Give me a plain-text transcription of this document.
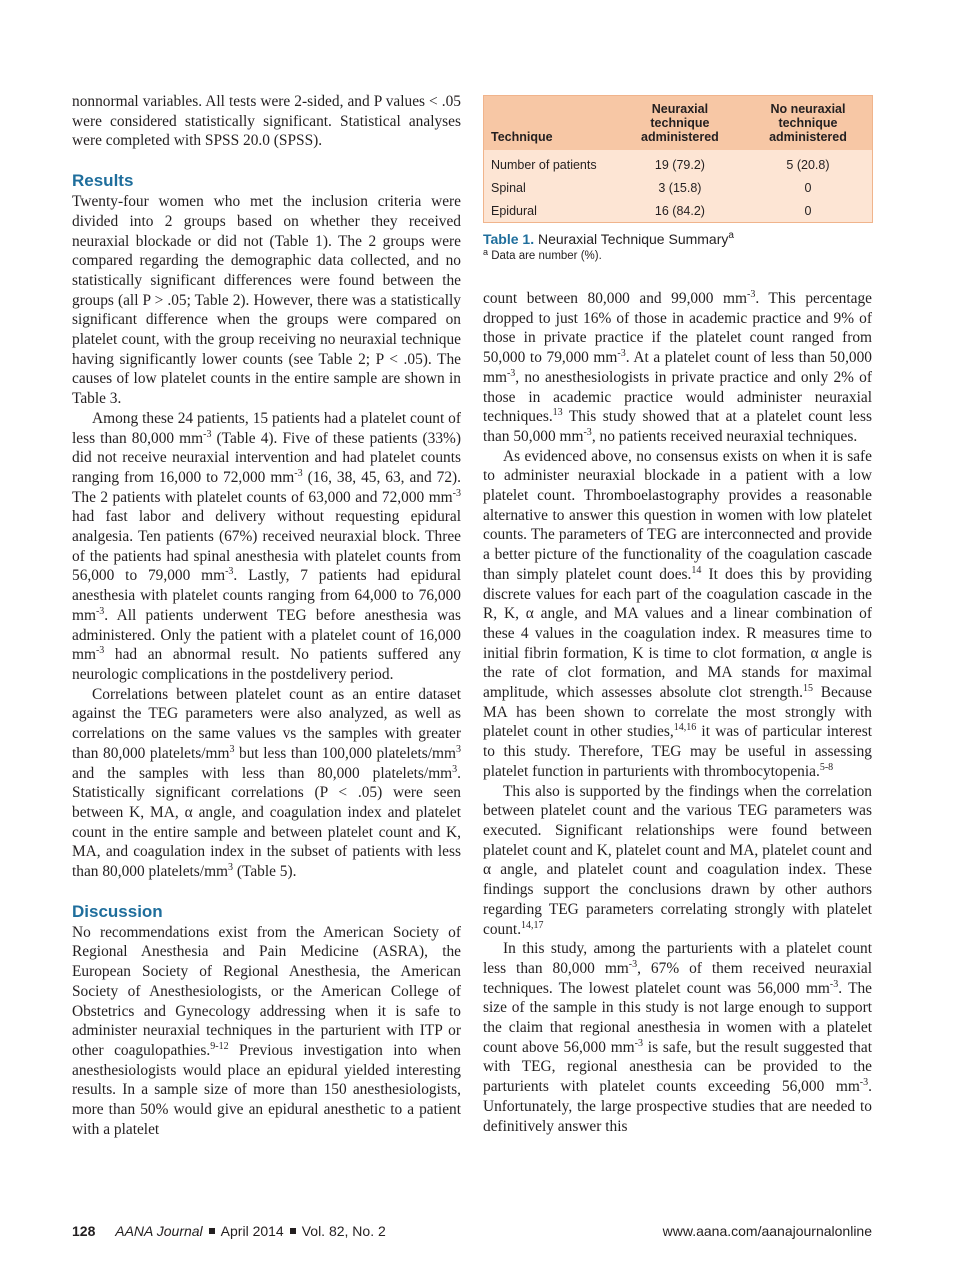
nonnormal variables. All tests were 2-sided, and P values < .05 were considered statistically significant. Statistical analyses were completed with SPSS 20.0 (SPSS).

Results

Twenty-four women who met the inclusion criteria were divided into 2 groups based on whether they received neuraxial blockade or did not (Table 1). The 2 groups were compared regarding the demographic data collected, and no statistically significant differences were found between the groups (all P > .05; Table 2). However, there was a statistically significant difference when the groups were compared on platelet count, with the group receiving no neuraxial technique having significantly lower counts (see Table 2; P < .05). The causes of low platelet counts in the entire sample are shown in Table 3.

Among these 24 patients, 15 patients had a platelet count of less than 80,000 $mm^{-3}$ (Table 4). Five of these patients (33%) did not receive neuraxial intervention and had platelet counts ranging from 16,000 to 72,000 $mm^{-3}$ (16, 38, 45, 63, and 72). The 2 patients with platelet counts of 63,000 and 72,000 $mm^{-3}$ had fast labor and delivery without requesting epidural analgesia. Ten patients (67%) received neuraxial block. Three of the patients had spinal anesthesia with platelet counts from 56,000 to 79,000 $mm^{-3}$. Lastly, 7 patients had epidural anesthesia with platelet counts ranging from 64,000 to 76,000 $mm^{-3}$. All patients underwent TEG before anesthesia was administered. Only the patient with a platelet count of 16,000 $mm^{-3}$ had an abnormal result. No patients suffered any neurologic complications in the postdelivery period.

Correlations between platelet count as an entire dataset against the TEG parameters were also analyzed, as well as correlations on the same values vs the samples with greater than 80,000 platelets/$mm^3$ but less than 100,000 platelets/$mm^3$ and the samples with less than 80,000 platelets/$mm^3$. Statistically significant correlations (P < .05) were seen between K, MA, α angle, and coagulation index and platelet count in the entire sample and between platelet count and K, MA, and coagulation index in the subset of patients with less than 80,000 platelets/$mm^3$ (Table 5).

Discussion

No recommendations exist from the American Society of Regional Anesthesia and Pain Medicine (ASRA), the European Society of Regional Anesthesia, the American Society of Anesthesiologists, or the American College of Obstetrics and Gynecology addressing when it is safe to administer neuraxial techniques in the parturient with ITP or other coagulopathies.$^{9-12}$ Previous investigation into when anesthesiologists would place an epidural yielded interesting results. In a sample size of more than 150 anesthesiologists, more than 50% would give an epidural anesthetic to a patient with a platelet

Technique	Neuraxial technique administered	No neuraxial technique administered
Number of patients	19 (79.2)	5 (20.8)
Spinal	3 (15.8)	0
Epidural	16 (84.2)	0
Table 1. Neuraxial Technique Summary$^a$
$^a$ Data are number (%).

count between 80,000 and 99,000 $mm^{-3}$. This percentage dropped to just 16% of those in academic practice and 9% of those in private practice if the platelet count ranged from 50,000 to 79,000 $mm^{-3}$. At a platelet count of less than 50,000 $mm^{-3}$, no anesthesiologists in private practice and only 2% of those in academic practice would administer neuraxial techniques.$^{13}$ This study showed that at a platelet count less than 50,000 $mm^{-3}$, no patients received neuraxial techniques.

As evidenced above, no consensus exists on when it is safe to administer neuraxial blockade in a patient with a low platelet count. Thromboelastography provides a reasonable alternative to answer this question in women with low platelet counts. The parameters of TEG are interconnected and provide a better picture of the functionality of the coagulation cascade than simply platelet count does.$^{14}$ It does this by providing discrete values for each part of the coagulation cascade in the R, K, α angle, and MA values and a linear combination of these 4 values in the coagulation index. R measures time to initial fibrin formation, K is time to clot formation, α angle is the rate of clot formation, and MA stands for maximal amplitude, which assesses absolute clot strength.$^{15}$ Because MA has been shown to correlate the most strongly with platelet count in other studies,$^{14,16}$ it was of particular interest to this study. Therefore, TEG may be useful in assessing platelet function in parturients with thrombocytopenia.$^{5-8}$

This also is supported by the findings when the correlation between platelet count and the various TEG parameters was executed. Significant relationships were found between platelet count and K, platelet count and MA, platelet count and α angle, and platelet count and coagulation index. These findings support the conclusions drawn by other authors regarding TEG parameters correlating strongly with platelet count.$^{14,17}$

In this study, among the parturients with a platelet count less than 80,000 $mm^{-3}$, 67% of them received neuraxial techniques. The lowest platelet count was 56,000 $mm^{-3}$. The size of the sample in this study is not large enough to support the claim that regional anesthesia in women with a platelet count above 56,000 $mm^{-3}$ is safe, but the result suggested that with TEG, regional anesthesia can be provided to the parturients with platelet counts exceeding 56,000 $mm^{-3}$. Unfortunately, the large prospective studies that are needed to definitively answer this

128 AANA Journal April 2014 Vol. 82, No. 2	www.aana.com/aanajournalonline
